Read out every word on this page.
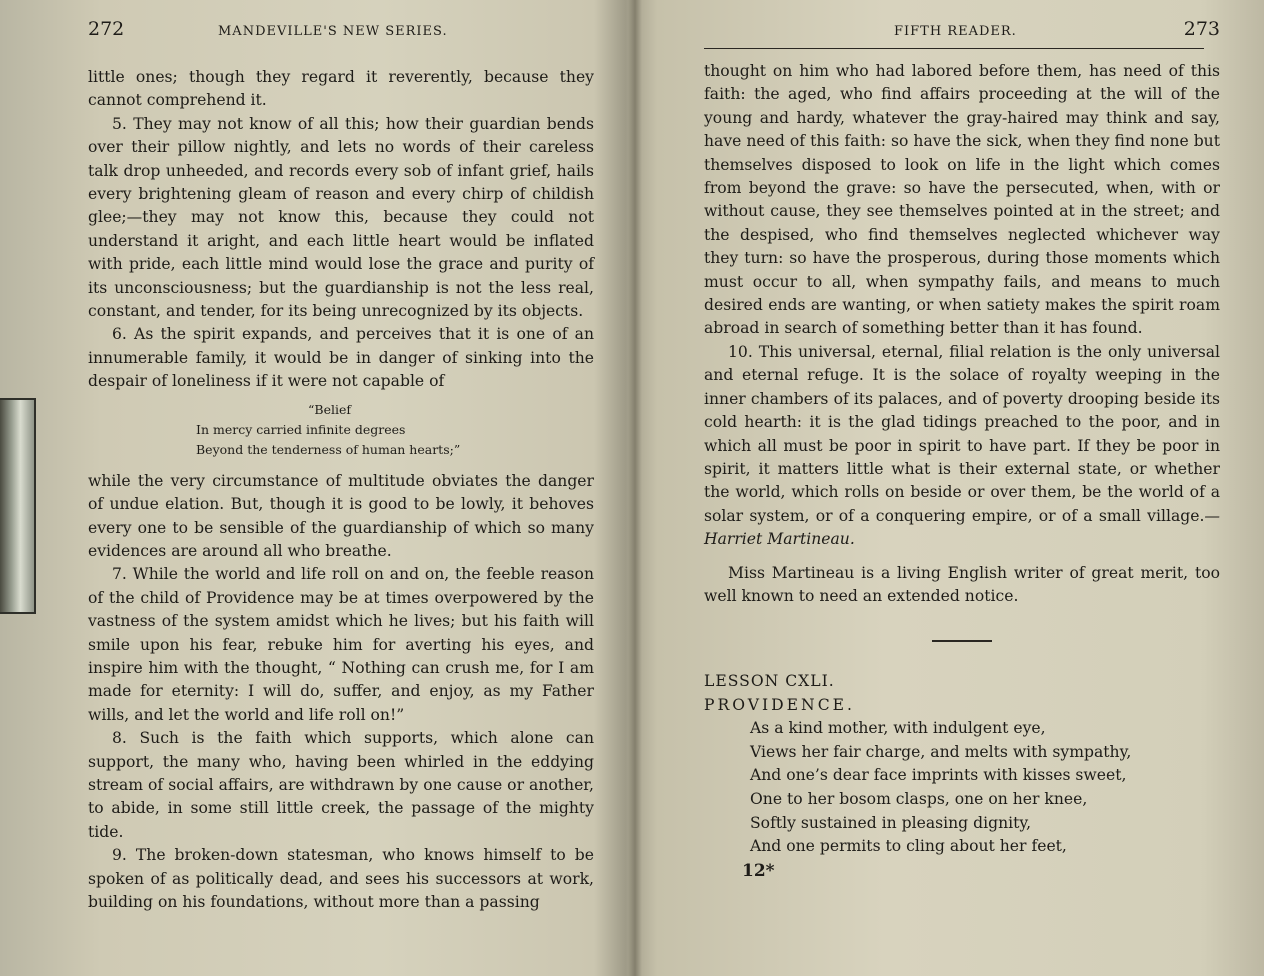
272	MANDEVILLE'S NEW SERIES.

little ones; though they regard it reverently, because they cannot comprehend it.

5. They may not know of all this; how their guardian bends over their pillow nightly, and lets no words of their careless talk drop unheeded, and records every sob of infant grief, hails every brightening gleam of reason and every chirp of childish glee;—they may not know this, because they could not understand it aright, and each little heart would be inflated with pride, each little mind would lose the grace and purity of its unconsciousness; but the guardianship is not the less real, constant, and tender, for its being unrecognized by its objects.

6. As the spirit expands, and perceives that it is one of an innumerable family, it would be in danger of sinking into the despair of loneliness if it were not capable of

“Belief
In mercy carried infinite degrees
Beyond the tenderness of human hearts;”

while the very circumstance of multitude obviates the danger of undue elation. But, though it is good to be lowly, it behoves every one to be sensible of the guardianship of which so many evidences are around all who breathe.

7. While the world and life roll on and on, the feeble reason of the child of Providence may be at times overpowered by the vastness of the system amidst which he lives; but his faith will smile upon his fear, rebuke him for averting his eyes, and inspire him with the thought, “ Nothing can crush me, for I am made for eternity: I will do, suffer, and enjoy, as my Father wills, and let the world and life roll on!”

8. Such is the faith which supports, which alone can support, the many who, having been whirled in the eddying stream of social affairs, are withdrawn by one cause or another, to abide, in some still little creek, the passage of the mighty tide.

9. The broken-down statesman, who knows himself to be spoken of as politically dead, and sees his successors at work, building on his foundations, without more than a passing

FIFTH READER.	273

thought on him who had labored before them, has need of this faith: the aged, who find affairs proceeding at the will of the young and hardy, whatever the gray-haired may think and say, have need of this faith: so have the sick, when they find none but themselves disposed to look on life in the light which comes from beyond the grave: so have the persecuted, when, with or without cause, they see themselves pointed at in the street; and the despised, who find themselves neglected whichever way they turn: so have the prosperous, during those moments which must occur to all, when sympathy fails, and means to much desired ends are wanting, or when satiety makes the spirit roam abroad in search of something better than it has found.

10. This universal, eternal, filial relation is the only universal and eternal refuge. It is the solace of royalty weeping in the inner chambers of its palaces, and of poverty drooping beside its cold hearth: it is the glad tidings preached to the poor, and in which all must be poor in spirit to have part. If they be poor in spirit, it matters little what is their external state, or whether the world, which rolls on beside or over them, be the world of a solar system, or of a conquering empire, or of a small village.—Harriet Martineau.

Miss Martineau is a living English writer of great merit, too well known to need an extended notice.

LESSON CXLI.

PROVIDENCE.

As a kind mother, with indulgent eye,
Views her fair charge, and melts with sympathy,
And one’s dear face imprints with kisses sweet,
One to her bosom clasps, one on her knee,
Softly sustained in pleasing dignity,
And one permits to cling about her feet,
12*
